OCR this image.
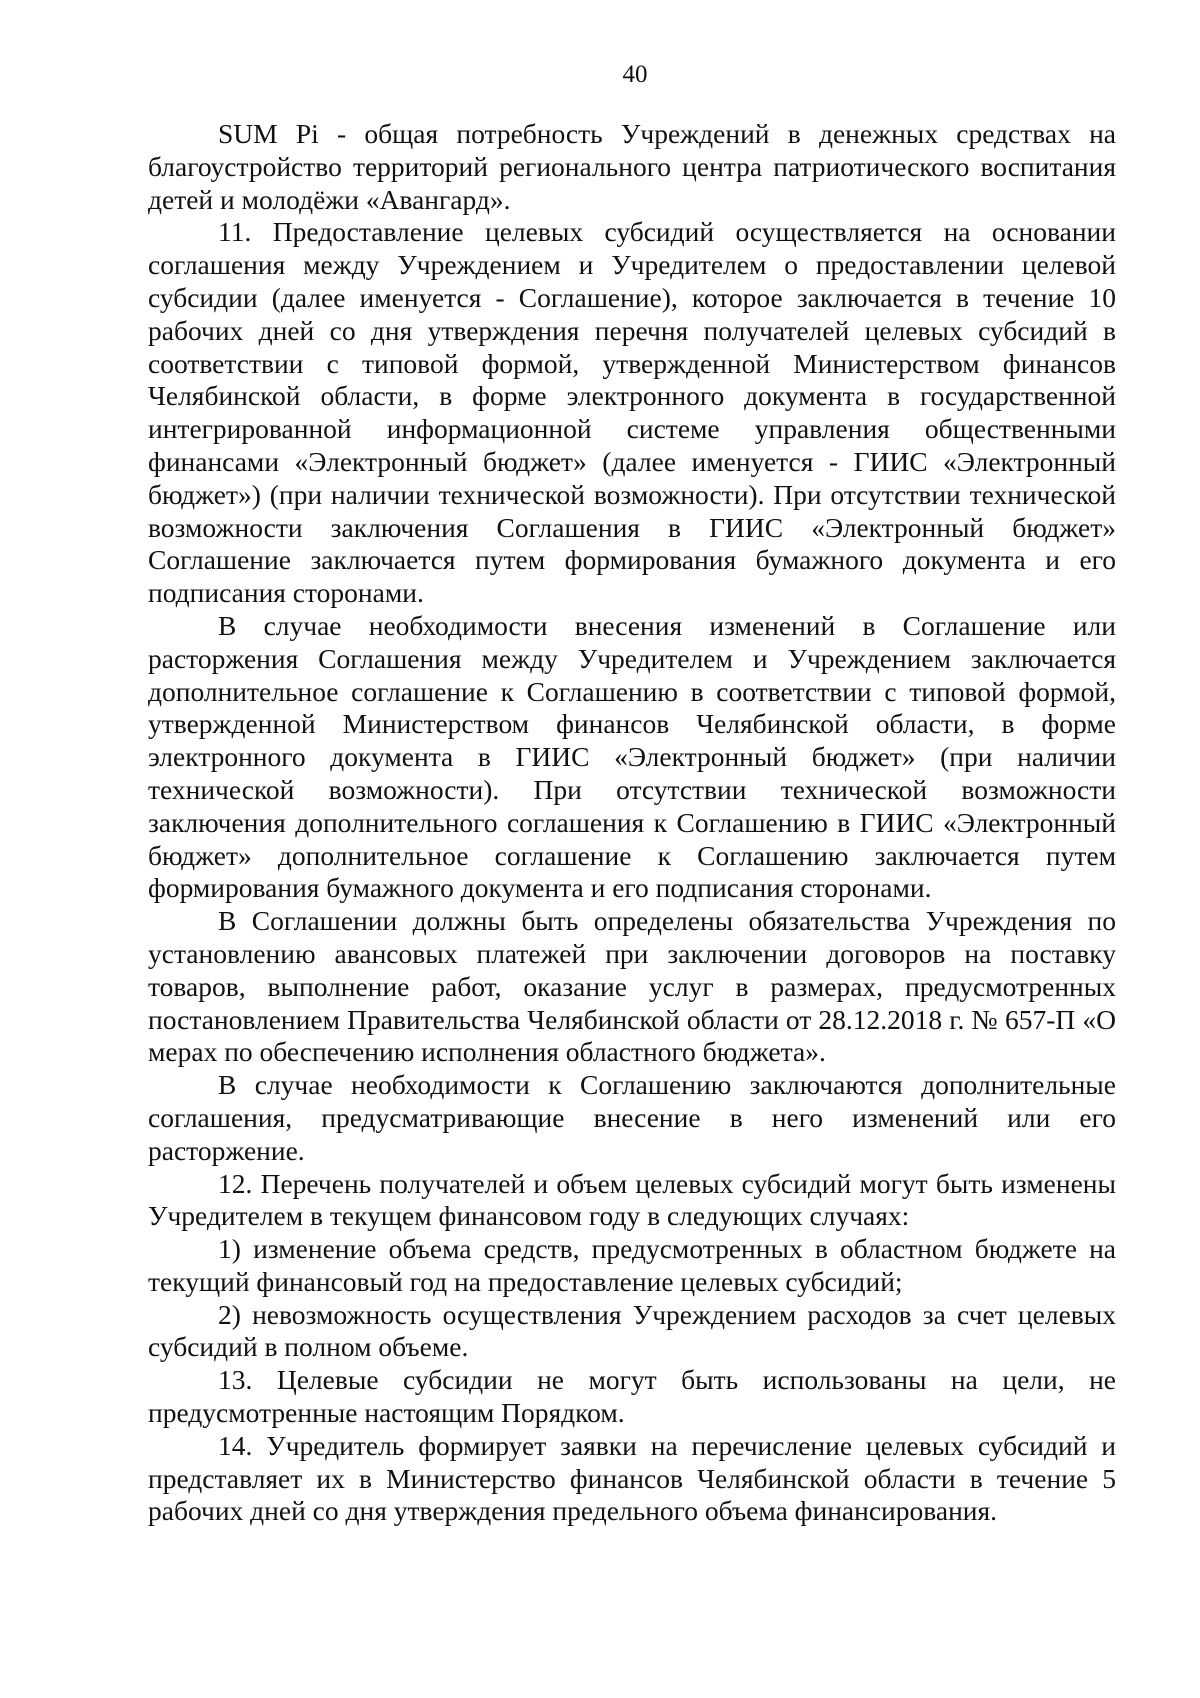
40

SUM Pi - общая потребность Учреждений в денежных средствах на благоустройство территорий регионального центра патриотического воспитания детей и молодёжи «Авангард».

11. Предоставление целевых субсидий осуществляется на основании соглашения между Учреждением и Учредителем о предоставлении целевой субсидии (далее именуется - Соглашение), которое заключается в течение 10 рабочих дней со дня утверждения перечня получателей целевых субсидий в соответствии с типовой формой, утвержденной Министерством финансов Челябинской области, в форме электронного документа в государственной интегрированной информационной системе управления общественными финансами «Электронный бюджет» (далее именуется - ГИИС «Электронный бюджет») (при наличии технической возможности). При отсутствии технической возможности заключения Соглашения в ГИИС «Электронный бюджет» Соглашение заключается путем формирования бумажного документа и его подписания сторонами.

В случае необходимости внесения изменений в Соглашение или расторжения Соглашения между Учредителем и Учреждением заключается дополнительное соглашение к Соглашению в соответствии с типовой формой, утвержденной Министерством финансов Челябинской области, в форме электронного документа в ГИИС «Электронный бюджет» (при наличии технической возможности). При отсутствии технической возможности заключения дополнительного соглашения к Соглашению в ГИИС «Электронный бюджет» дополнительное соглашение к Соглашению заключается путем формирования бумажного документа и его подписания сторонами.

В Соглашении должны быть определены обязательства Учреждения по установлению авансовых платежей при заключении договоров на поставку товаров, выполнение работ, оказание услуг в размерах, предусмотренных постановлением Правительства Челябинской области от 28.12.2018 г. № 657-П «О мерах по обеспечению исполнения областного бюджета».

В случае необходимости к Соглашению заключаются дополнительные соглашения, предусматривающие внесение в него изменений или его расторжение.

12. Перечень получателей и объем целевых субсидий могут быть изменены Учредителем в текущем финансовом году в следующих случаях:

1) изменение объема средств, предусмотренных в областном бюджете на текущий финансовый год на предоставление целевых субсидий;

2) невозможность осуществления Учреждением расходов за счет целевых субсидий в полном объеме.

13. Целевые субсидии не могут быть использованы на цели, не предусмотренные настоящим Порядком.

14. Учредитель формирует заявки на перечисление целевых субсидий и представляет их в Министерство финансов Челябинской области в течение 5 рабочих дней со дня утверждения предельного объема финансирования.
